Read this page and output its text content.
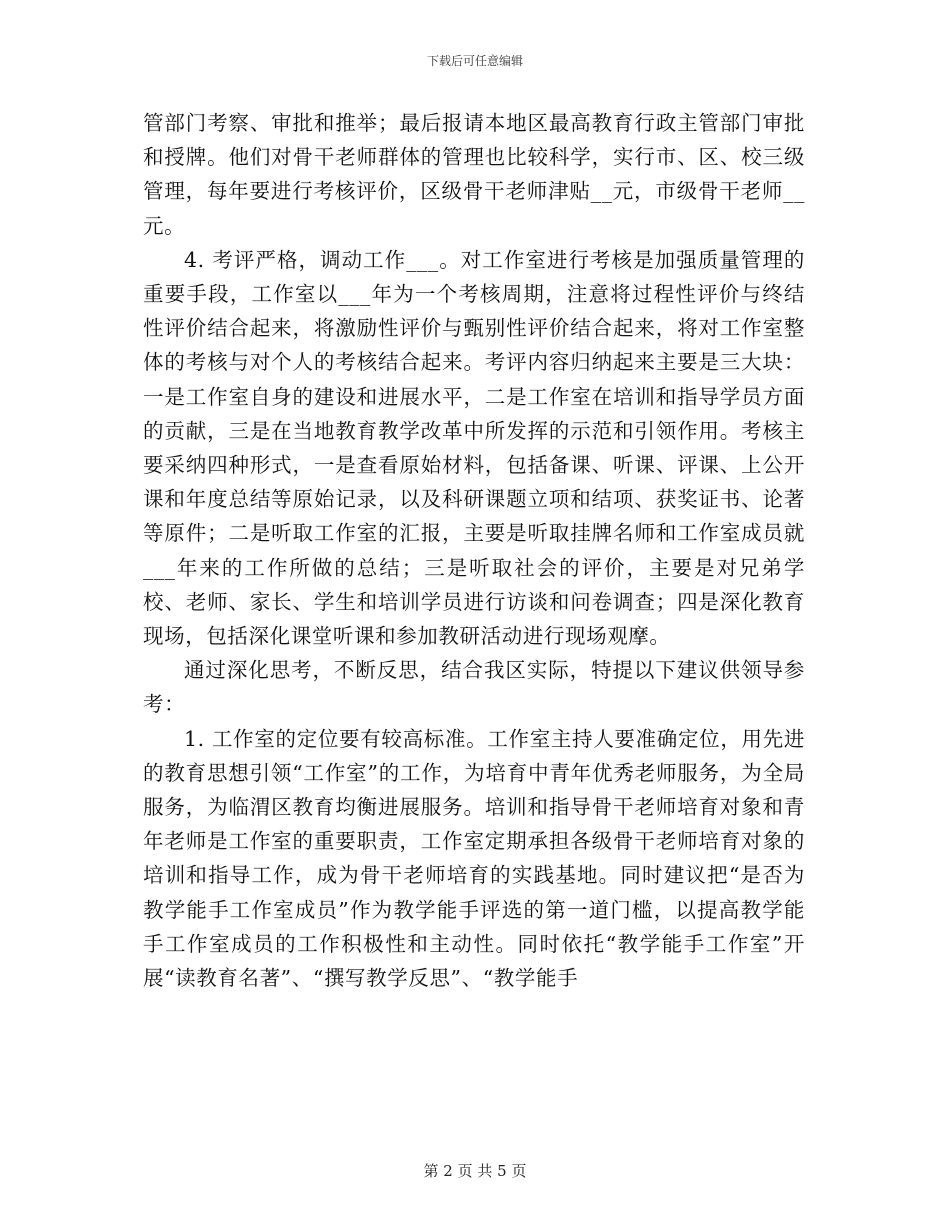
下载后可任意编辑

管部门考察、审批和推举；最后报请本地区最高教育行政主管部门审批和授牌。他们对骨干老师群体的管理也比较科学，实行市、区、校三级管理，每年要进行考核评价，区级骨干老师津贴__元，市级骨干老师__元。

4. 考评严格，调动工作___。对工作室进行考核是加强质量管理的重要手段，工作室以___年为一个考核周期，注意将过程性评价与终结性评价结合起来，将激励性评价与甄别性评价结合起来，将对工作室整体的考核与对个人的考核结合起来。考评内容归纳起来主要是三大块：一是工作室自身的建设和进展水平，二是工作室在培训和指导学员方面的贡献，三是在当地教育教学改革中所发挥的示范和引领作用。考核主要采纳四种形式，一是查看原始材料，包括备课、听课、评课、上公开课和年度总结等原始记录，以及科研课题立项和结项、获奖证书、论著等原件；二是听取工作室的汇报，主要是听取挂牌名师和工作室成员就___年来的工作所做的总结；三是听取社会的评价，主要是对兄弟学校、老师、家长、学生和培训学员进行访谈和问卷调查；四是深化教育现场，包括深化课堂听课和参加教研活动进行现场观摩。

通过深化思考，不断反思，结合我区实际，特提以下建议供领导参考：

1. 工作室的定位要有较高标准。工作室主持人要准确定位，用先进的教育思想引领“工作室”的工作，为培育中青年优秀老师服务，为全局服务，为临渭区教育均衡进展服务。培训和指导骨干老师培育对象和青年老师是工作室的重要职责，工作室定期承担各级骨干老师培育对象的培训和指导工作，成为骨干老师培育的实践基地。同时建议把“是否为教学能手工作室成员”作为教学能手评选的第一道门槛，以提高教学能手工作室成员的工作积极性和主动性。同时依托“教学能手工作室”开展“读教育名著”、“撰写教学反思”、“教学能手

第 2 页 共 5 页
